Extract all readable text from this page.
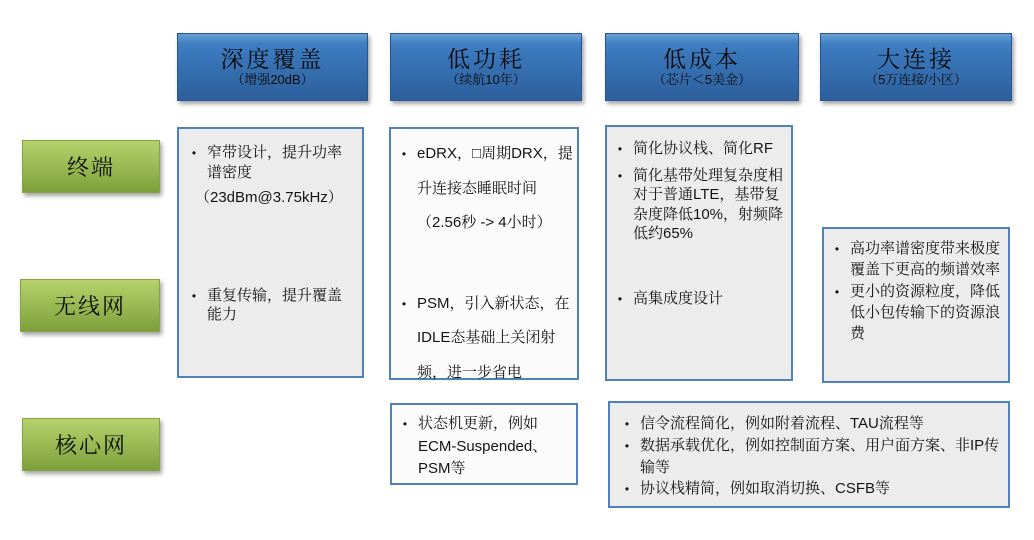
深度覆盖
（增强20dB）
低功耗
（续航10年）
低成本
（芯片＜5美金）
大连接
（5万连接/小区）
终端
无线网
核心网
•
窄带设计，提升功率谱密度
（23dBm@3.75kHz）
•
重复传输，提升覆盖能力
•
eDRX，□周期DRX，提升连接态睡眠时间（2.56秒 -> 4小时）
•
PSM，引入新状态，在IDLE态基础上关闭射频，进一步省电
•
简化协议栈、简化RF
•
简化基带处理复杂度相对于普通LTE，基带复杂度降低10%，射频降低约65%
•
高集成度设计
•
高功率谱密度带来极度覆盖下更高的频谱效率
•
更小的资源粒度，降低低小包传输下的资源浪费
•
状态机更新，例如ECM-Suspended、PSM等
•
信令流程简化，例如附着流程、TAU流程等
•
数据承载优化，例如控制面方案、用户面方案、非IP传输等
•
协议栈精简，例如取消切换、CSFB等
